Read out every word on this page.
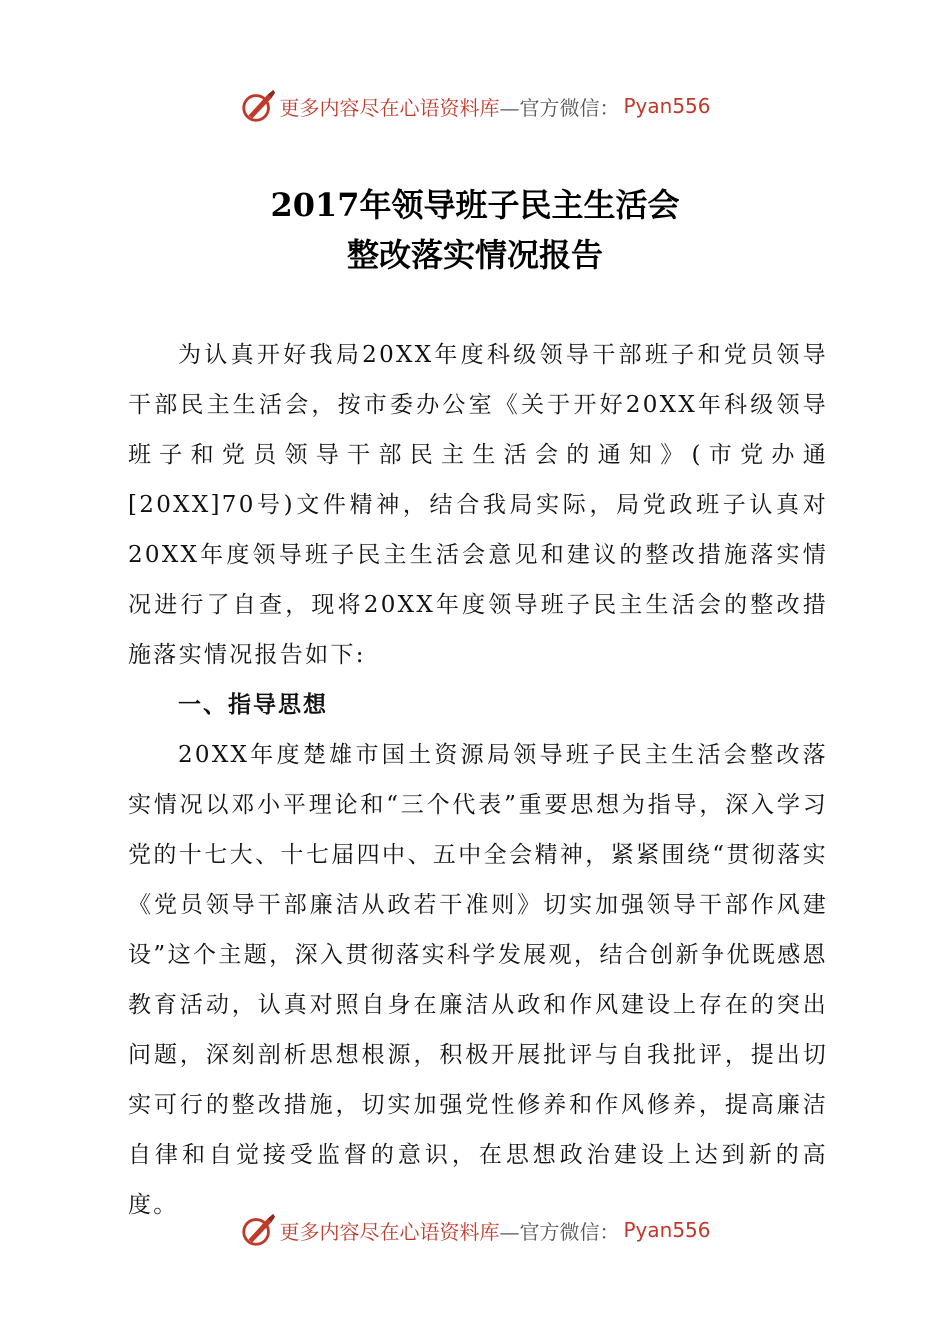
更多内容尽在心语资料库 —官方微信： Pyan556
2017年领导班子民主生活会
整改落实情况报告

为认真开好我局20XX年度科级领导干部班子和党员领导干部民主生活会，按市委办公室《关于开好20XX年科级领导班子和党员领导干部民主生活会的通知》(市党办通 [20XX]70号)文件精神，结合我局实际，局党政班子认真对20XX年度领导班子民主生活会意见和建议的整改措施落实情况进行了自查，现将20XX年度领导班子民主生活会的整改措施落实情况报告如下:

一、指导思想

20XX年度楚雄市国土资源局领导班子民主生活会整改落实情况以邓小平理论和“三个代表”重要思想为指导，深入学习党的十七大、十七届四中、五中全会精神，紧紧围绕“贯彻落实《党员领导干部廉洁从政若干准则》切实加强领导干部作风建设”这个主题，深入贯彻落实科学发展观，结合创新争优既感恩教育活动，认真对照自身在廉洁从政和作风建设上存在的突出问题，深刻剖析思想根源，积极开展批评与自我批评，提出切实可行的整改措施，切实加强党性修养和作风修养，提高廉洁自律和自觉接受监督的意识，在思想政治建设上达到新的高度。

更多内容尽在心语资料库 —官方微信： Pyan556
